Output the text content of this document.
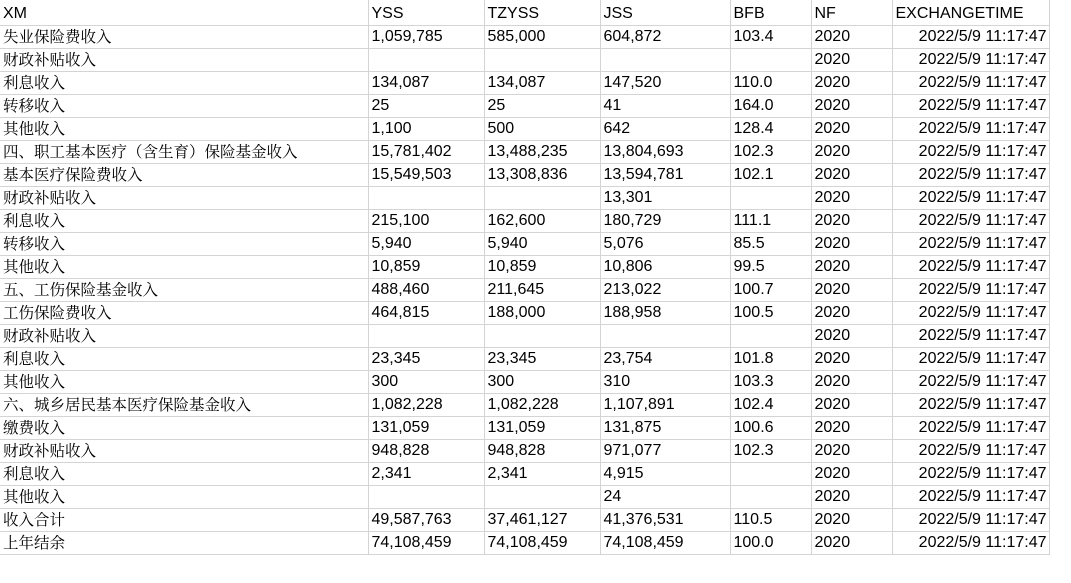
XM	YSS	TZYSS	JSS	BFB	NF	EXCHANGETIME
失业保险费收入	1,059,785	585,000	604,872	103.4	2020	2022/5/9 11:17:47
财政补贴收入					2020	2022/5/9 11:17:47
利息收入	134,087	134,087	147,520	110.0	2020	2022/5/9 11:17:47
转移收入	25	25	41	164.0	2020	2022/5/9 11:17:47
其他收入	1,100	500	642	128.4	2020	2022/5/9 11:17:47
四、职工基本医疗（含生育）保险基金收入	15,781,402	13,488,235	13,804,693	102.3	2020	2022/5/9 11:17:47
基本医疗保险费收入	15,549,503	13,308,836	13,594,781	102.1	2020	2022/5/9 11:17:47
财政补贴收入			13,301		2020	2022/5/9 11:17:47
利息收入	215,100	162,600	180,729	111.1	2020	2022/5/9 11:17:47
转移收入	5,940	5,940	5,076	85.5	2020	2022/5/9 11:17:47
其他收入	10,859	10,859	10,806	99.5	2020	2022/5/9 11:17:47
五、工伤保险基金收入	488,460	211,645	213,022	100.7	2020	2022/5/9 11:17:47
工伤保险费收入	464,815	188,000	188,958	100.5	2020	2022/5/9 11:17:47
财政补贴收入					2020	2022/5/9 11:17:47
利息收入	23,345	23,345	23,754	101.8	2020	2022/5/9 11:17:47
其他收入	300	300	310	103.3	2020	2022/5/9 11:17:47
六、城乡居民基本医疗保险基金收入	1,082,228	1,082,228	1,107,891	102.4	2020	2022/5/9 11:17:47
缴费收入	131,059	131,059	131,875	100.6	2020	2022/5/9 11:17:47
财政补贴收入	948,828	948,828	971,077	102.3	2020	2022/5/9 11:17:47
利息收入	2,341	2,341	4,915		2020	2022/5/9 11:17:47
其他收入			24		2020	2022/5/9 11:17:47
收入合计	49,587,763	37,461,127	41,376,531	110.5	2020	2022/5/9 11:17:47
上年结余	74,108,459	74,108,459	74,108,459	100.0	2020	2022/5/9 11:17:47
